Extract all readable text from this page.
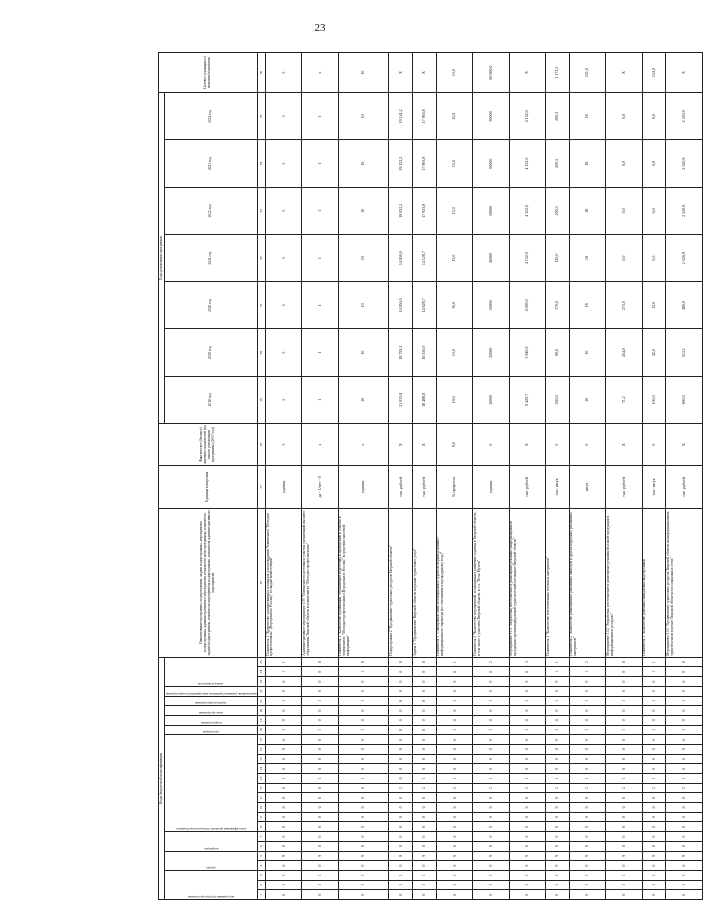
23
Коды бюджетной классификации																									Наименование программы, подпрограммы, задачи подпрограммы, мероприятия подпрограммы, административного мероприятия, показателя цели программы, показателя задачи подпрограммы, показателя мероприятия подпрограммы, показателя административного мероприятия	Единица измерения	Фактическое (базовое) значение показателей (на начало реализации программы) (2017 год)	Годы реализации программы							Целевое (суммарное) значение показателя

код администратора программы			раздел		подраздел		классификация целевой статьи расхода бюджета										программа	подпрограмма	цель программы	задача подпрограммы	мероприятие (административное мероприятие) подпрограммы	номер показателя						2018 год	2019 год	2020 год	2021 год	2022 год	2023 год	2024 год	

1	2	3	4	5	6	7	8	9	10	11	12	13	14	15	16	17	18	19	20	21	22	23	24	25	26	27	28	29	30	31	32	33	34	35	36
0	1	1	0	9	0	0	0	0	0	0	0	1	0	0	0	0	1	0	0	1	0	0	1	1	Показатель 1 "Количество организованных площадок для проведения Чемпионата "Молодые профессионалы" (Ворлдскиллс Россия)" по видам компетенций"	единиц	5	5	5	5	5	5	5	5	5
0	1	1	0	9	0	0	0	0	0	0	0	1	0	0	0	0	1	0	0	1	0	0	0	0	Административное мероприятие 1.05 "Освещение подготовки и участия организаций высшего образования Тверской области в чемпионатах "Молодые профессионалы"	да - 1/нет - 0	х	1	1	1	1	1	1	1	х
0	1	1	0	9	0	0	0	0	0	0	0	1	0	0	0	0	1	0	0	1	0	0	1	0	Показатель 1 "Количество публикаций, отражающих подготовку к проведению и участие в чемпионатах "Молодые профессионалы (Ворлдскиллс Россия)" в средствах массовой информации"	единиц	х	10	10	10	10	10	10	10	10
0	1	1	0	9	0	0	0	0	0	0	2	0	0	0	0	0	0	0	0	0	0	0	0	0	Подпрограмма 2 "Продвижение туристских ресурсов Тверской области"	тыс. рублей	Х	21 033,8	18 793,1	14 850,0	14 850,0	19 052,2	19 122,2	19 141,2	Х
0	1	1	0	9	0	0	0	0	0	0	2	1	0	0	0	0	0	0	0	0	0	0	0	0	Задача 1 "Продвижение Тверской области на рынке туристских услуг"	тыс. рублей	Х	18 488,8	16 550,0	14 628,7	14 128,7	17 953,8	17 963,8	17 963,8	Х
0	1	1	0	9	0	0	0	0	0	0	2	1	0	0	0	0	1	0	0	1	0	0	0	1	Показатель 1 "Совокупный охват потенциальных туристов мерами рекламно-информационного характера (по отношению к предыдущему году)"	% прироста	9,0	19,0	15,0	10,0	15,0	15,0	15,0	15,0	15,0
0	1	1	0	9	0	0	0	0	0	0	2	1	0	0	0	0	1	0	0	1	0	0	0	2	Показатель 2 "Количество мероприятий, посвященных развитию туризма в Тверской области, в том числе с участием Тверской области, в т.ч. "Ночь Музеев"	единиц	0	10000	20000	30000	40000	50000	60000	60000	60 000,0
0	1	1	0	9	0	0	0	0	0	0	2	1	0	0	0	0	1	0	0	1	0	0	0	3	Мероприятие 1.01 "Разработка, изготовление и размещение рекламно-информационной продукции, пропагандирующей туристический потенциал Тверской области"	тыс. рублей	Х	9 420,7	3 940,9	4 095,0	4 152,0	4 152,0	4 152,0	4 152,0	Х
0	1	1	0	9	0	0	0	0	0	0	2	1	0	0	0	0	1	0	0	1	0	0	1	1	Показатель 1 "Количество изготовленных печатных материалов"	тыс. штук	0	200,0	90,0	170,0	120,0	200,3	200,3	200,3	1 173,5
0	1	1	0	9	0	0	0	0	0	0	2	1	0	0	0	0	1	0	0	1	0	0	1	2	Показатель 2 "Количество размещенных рекламных баннеров и других наружных рекламных материалов"	штук	0	10	10	18	18	18	18	18	121,0
0	1	1	0	9	0	0	0	0	0	0	2	1	0	0	0	0	1	0	0	1	0	0	0	0	Мероприятие 1.02 "Разработка, изготовление и размещение рекламной и иной продукции в информационных ресурсах"	тыс. рублей	Х	71,2	454,0	275,0	0,0	0,0	0,0	0,0	Х
0	1	1	0	9	0	0	0	0	0	0	2	1	0	0	0	0	1	0	0	1	0	0	1	1	Показатель 1 "Количество рекламно-имиджевых видеороликов"	тыс. штук	0	100,0	42,0	12,0	0,0	0,0	0,0	0,0	154,0
0	1	1	0	9	0	0	0	0	0	0	2	1	0	0	0	0	1	0	0	1	0	0	0	0	Мероприятие 1.03 "Продвижение туристских ресурсов Тверской области на информационном туристическом портале Тверской области и в социальных сетях"	тыс. рублей	Х	900,0	513,1	480,0	2 520,9	2 520,9	2 520,9	2 520,9	Х
